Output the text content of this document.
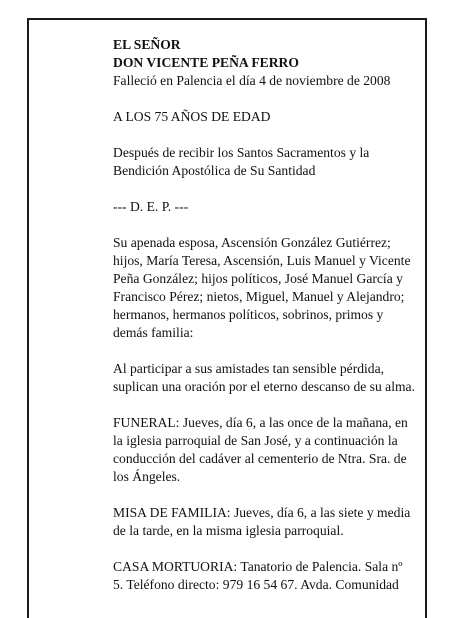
EL SEÑOR
DON VICENTE PEÑA FERRO
Falleció en Palencia el día 4 de noviembre de 2008

A LOS 75 AÑOS DE EDAD

Después de recibir los Santos Sacramentos y la
Bendición Apostólica de Su Santidad

--- D. E. P. ---

Su apenada esposa, Ascensión González Gutiérrez;
hijos, María Teresa, Ascensión, Luis Manuel y Vicente
Peña González; hijos políticos, José Manuel García y
Francisco Pérez; nietos, Miguel, Manuel y Alejandro;
hermanos, hermanos políticos, sobrinos, primos y
demás familia:

Al participar a sus amistades tan sensible pérdida,
suplican una oración por el eterno descanso de su alma.

FUNERAL: Jueves, día 6, a las once de la mañana, en
la iglesia parroquial de San José, y a continuación la
conducción del cadáver al cementerio de Ntra. Sra. de
los Ángeles.

MISA DE FAMILIA: Jueves, día 6, a las siete y media
de la tarde, en la misma iglesia parroquial.

CASA MORTUORIA: Tanatorio de Palencia. Sala nº
5. Teléfono directo: 979 16 54 67. Avda. Comunidad
